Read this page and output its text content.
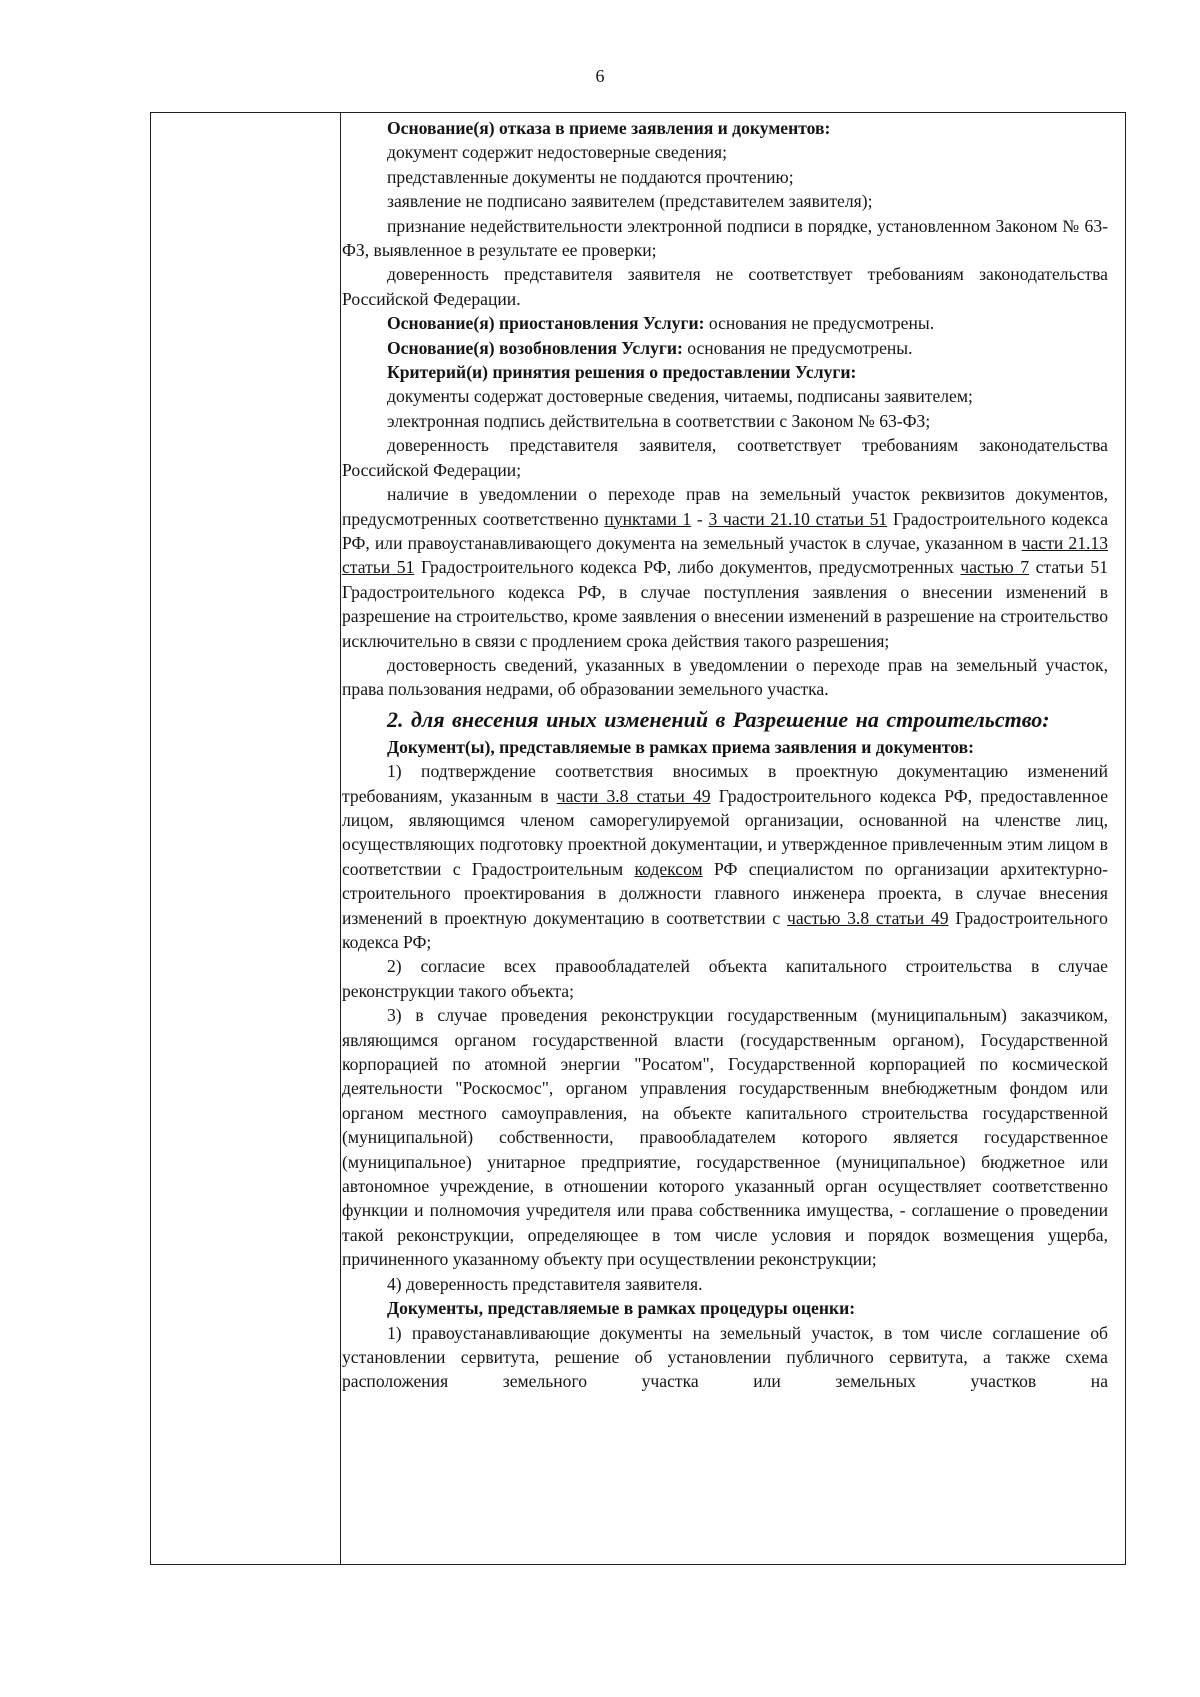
6

Основание(я) отказа в приеме заявления и документов:

документ содержит недостоверные сведения;

представленные документы не поддаются прочтению;

заявление не подписано заявителем (представителем заявителя);

признание недействительности электронной подписи в порядке, установленном Законом № 63-ФЗ, выявленное в результате ее проверки;

доверенность представителя заявителя не соответствует требованиям законодательства Российской Федерации.

Основание(я) приостановления Услуги: основания не предусмотрены.

Основание(я) возобновления Услуги: основания не предусмотрены.

Критерий(и) принятия решения о предоставлении Услуги:

документы содержат достоверные сведения, читаемы, подписаны заявителем;

электронная подпись действительна в соответствии с Законом № 63-ФЗ;

доверенность представителя заявителя, соответствует требованиям законодательства Российской Федерации;

наличие в уведомлении о переходе прав на земельный участок реквизитов документов, предусмотренных соответственно пунктами 1 - 3 части 21.10 статьи 51 Градостроительного кодекса РФ, или правоустанавливающего документа на земельный участок в случае, указанном в части 21.13 статьи 51 Градостроительного кодекса РФ, либо документов, предусмотренных частью 7 статьи 51 Градостроительного кодекса РФ, в случае поступления заявления о внесении изменений в разрешение на строительство, кроме заявления о внесении изменений в разрешение на строительство исключительно в связи с продлением срока действия такого разрешения;

достоверность сведений, указанных в уведомлении о переходе прав на земельный участок, права пользования недрами, об образовании земельного участка.

2. для внесения иных изменений в Разрешение на строительство:

Документ(ы), представляемые в рамках приема заявления и документов:

1) подтверждение соответствия вносимых в проектную документацию изменений требованиям, указанным в части 3.8 статьи 49 Градостроительного кодекса РФ, предоставленное лицом, являющимся членом саморегулируемой организации, основанной на членстве лиц, осуществляющих подготовку проектной документации, и утвержденное привлеченным этим лицом в соответствии с Градостроительным кодексом РФ специалистом по организации архитектурно-строительного проектирования в должности главного инженера проекта, в случае внесения изменений в проектную документацию в соответствии с частью 3.8 статьи 49 Градостроительного кодекса РФ;

2) согласие всех правообладателей объекта капитального строительства в случае реконструкции такого объекта;

3) в случае проведения реконструкции государственным (муниципальным) заказчиком, являющимся органом государственной власти (государственным органом), Государственной корпорацией по атомной энергии "Росатом", Государственной корпорацией по космической деятельности "Роскосмос", органом управления государственным внебюджетным фондом или органом местного самоуправления, на объекте капитального строительства государственной (муниципальной) собственности, правообладателем которого является государственное (муниципальное) унитарное предприятие, государственное (муниципальное) бюджетное или автономное учреждение, в отношении которого указанный орган осуществляет соответственно функции и полномочия учредителя или права собственника имущества, - соглашение о проведении такой реконструкции, определяющее в том числе условия и порядок возмещения ущерба, причиненного указанному объекту при осуществлении реконструкции;

4) доверенность представителя заявителя.

Документы, представляемые в рамках процедуры оценки:

1) правоустанавливающие документы на земельный участок, в том числе соглашение об установлении сервитута, решение об установлении публичного сервитута, а также схема расположения земельного участка или земельных участков на
